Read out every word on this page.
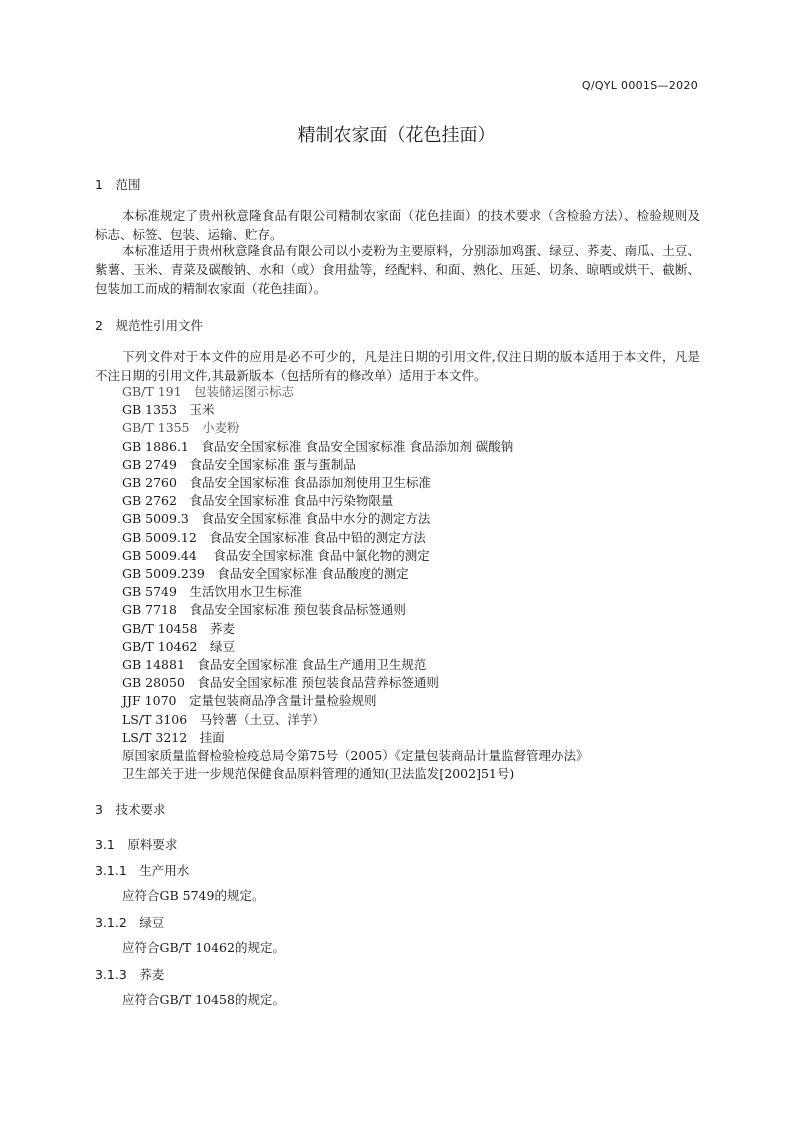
Q/QYL 0001S—2020
精制农家面（花色挂面）
1　范围
本标准规定了贵州秋意隆食品有限公司精制农家面（花色挂面）的技术要求（含检验方法）、检验规则及标志、标签、包装、运输、贮存。
本标准适用于贵州秋意隆食品有限公司以小麦粉为主要原料，分别添加鸡蛋、绿豆、荞麦、南瓜、土豆、紫薯、玉米、青菜及碳酸钠、水和（或）食用盐等，经配料、和面、熟化、压延、切条、晾晒或烘干、截断、包装加工而成的精制农家面（花色挂面）。
2　规范性引用文件
下列文件对于本文件的应用是必不可少的，凡是注日期的引用文件,仅注日期的版本适用于本文件，凡是不注日期的引用文件,其最新版本（包括所有的修改单）适用于本文件。
GB/T 191　包装储运图示标志
GB 1353　玉米
GB/T 1355　小麦粉
GB 1886.1　食品安全国家标准 食品安全国家标准 食品添加剂 碳酸钠
GB 2749　食品安全国家标准 蛋与蛋制品
GB 2760　食品安全国家标准 食品添加剂使用卫生标准
GB 2762　食品安全国家标准 食品中污染物限量
GB 5009.3　食品安全国家标准 食品中水分的测定方法
GB 5009.12　食品安全国家标准 食品中铅的测定方法
GB 5009.44　 食品安全国家标准 食品中氯化物的测定
GB 5009.239　食品安全国家标准 食品酸度的测定
GB 5749　生活饮用水卫生标准
GB 7718　食品安全国家标准 预包装食品标签通则
GB/T 10458　荞麦
GB/T 10462　绿豆
GB 14881　食品安全国家标准 食品生产通用卫生规范
GB 28050　食品安全国家标准 预包装食品营养标签通则
JJF 1070　定量包装商品净含量计量检验规则
LS/T 3106　马铃薯（土豆、洋芋）
LS/T 3212　挂面
原国家质量监督检验检疫总局令第75号（2005）《定量包装商品计量监督管理办法》
卫生部关于进一步规范保健食品原料管理的通知(卫法监发[2002]51号)
3　技术要求
3.1　原料要求
3.1.1　生产用水
应符合GB 5749的规定。
3.1.2　绿豆
应符合GB/T 10462的规定。
3.1.3　荞麦
应符合GB/T 10458的规定。
